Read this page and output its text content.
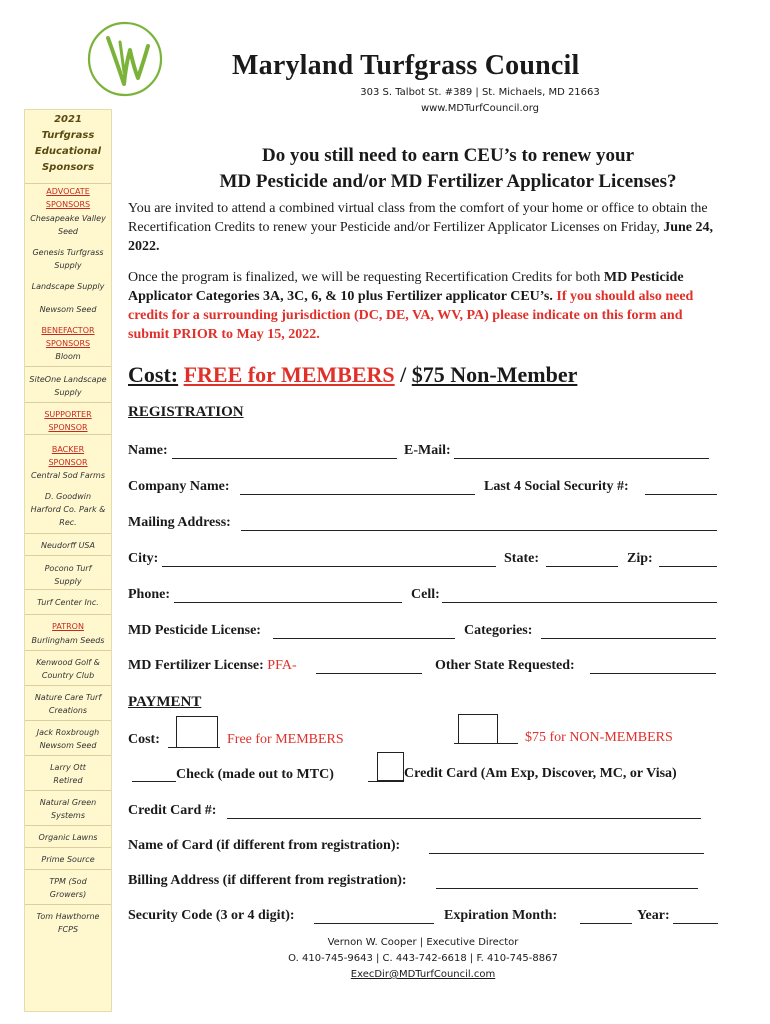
Maryland Turfgrass Council
303 S. Talbot St. #389 | St. Michaels, MD 21663
www.MDTurfCouncil.org
2021
Turfgrass
Educational
Sponsors
ADVOCATE
SPONSORS
Chesapeake Valley
Seed
Genesis Turfgrass
Supply
Landscape Supply
Newsom Seed
BENEFACTOR
SPONSORS
Bloom
SiteOne Landscape
Supply
SUPPORTER
SPONSOR
BACKER
SPONSOR
Central Sod Farms
D. Goodwin
Harford Co. Park &
Rec.
Neudorff USA
Pocono Turf
Supply
Turf Center Inc.
PATRON
Burlingham Seeds
Kenwood Golf &
Country Club
Nature Care Turf
Creations
Jack Roxbrough
Newsom Seed
Larry Ott
Retired
Natural Green
Systems
Organic Lawns
Prime Source
TPM (Sod
Growers)
Tom Hawthorne
FCPS
Do you still need to earn CEU’s to renew your
MD Pesticide and/or MD Fertilizer Applicator Licenses?
You are invited to attend a combined virtual class from the comfort of your home or office to obtain the Recertification Credits to renew your Pesticide and/or Fertilizer Applicator Licenses on Friday, June 24, 2022.
Once the program is finalized, we will be requesting Recertification Credits for both MD Pesticide Applicator Categories 3A, 3C, 6, & 10 plus Fertilizer applicator CEU’s. If you should also need credits for a surrounding jurisdiction (DC, DE, VA, WV, PA) please indicate on this form and submit PRIOR to May 15, 2022.
Cost: FREE for MEMBERS / $75 Non-Member
REGISTRATION
Name:	E-Mail:
Company Name:	Last 4 Social Security #:
Mailing Address:
City:	State:	Zip:
Phone:	Cell:
MD Pesticide License:	Categories:
MD Fertilizer License: PFA-	Other State Requested:
PAYMENT
Cost:	Free for MEMBERS	$75 for NON-MEMBERS
Check (made out to MTC)	Credit Card (Am Exp, Discover, MC, or Visa)
Credit Card #:
Name of Card (if different from registration):
Billing Address (if different from registration):
Security Code (3 or 4 digit):	Expiration Month:	Year:
Vernon W. Cooper | Executive Director
O. 410-745-9643 | C. 443-742-6618 | F. 410-745-8867
ExecDir@MDTurfCouncil.com
